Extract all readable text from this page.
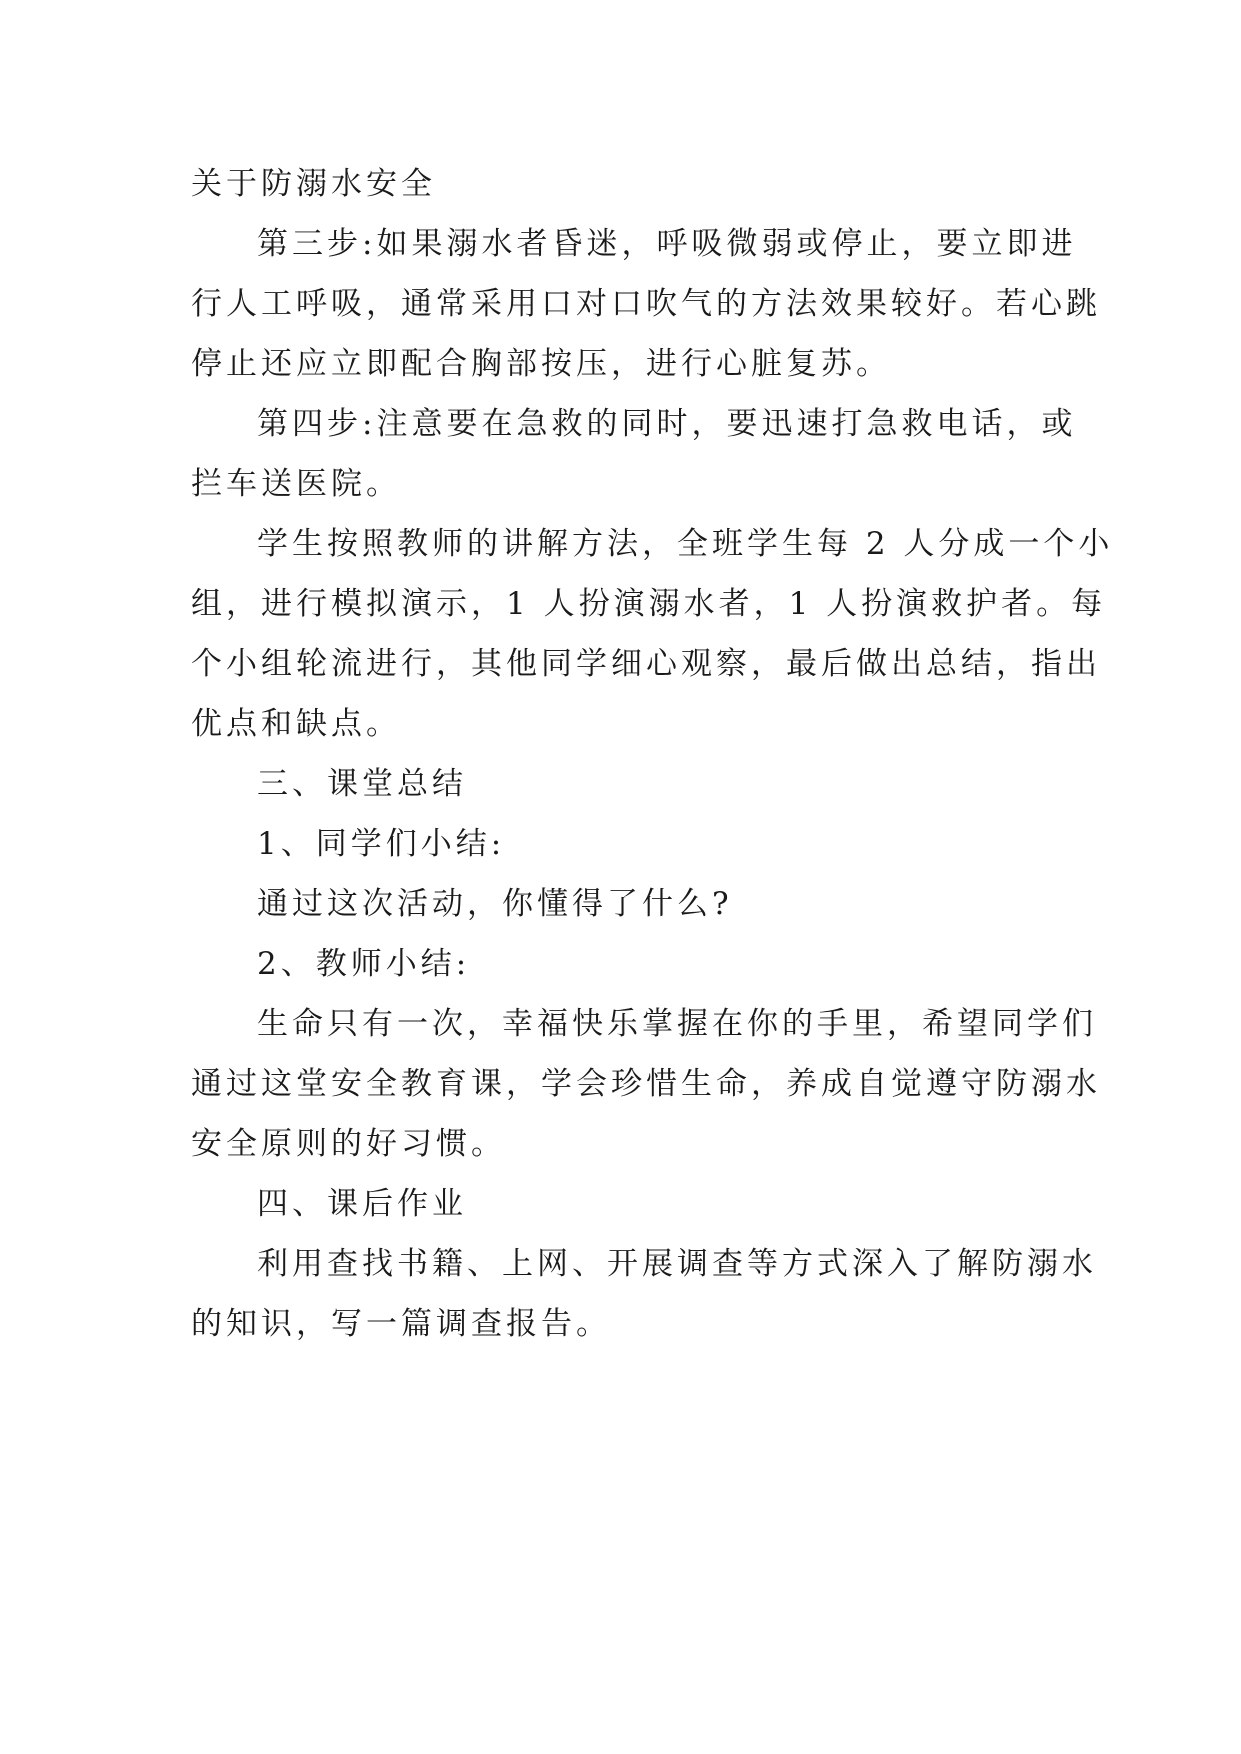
关于防溺水安全

第三步:如果溺水者昏迷，呼吸微弱或停止，要立即进

行人工呼吸，通常采用口对口吹气的方法效果较好。若心跳

停止还应立即配合胸部按压，进行心脏复苏。

第四步:注意要在急救的同时，要迅速打急救电话，或

拦车送医院。

学生按照教师的讲解方法，全班学生每 2 人分成一个小

组，进行模拟演示，1 人扮演溺水者，1 人扮演救护者。每

个小组轮流进行，其他同学细心观察，最后做出总结，指出

优点和缺点。

三、课堂总结

1、同学们小结:

通过这次活动，你懂得了什么?

2、教师小结:

生命只有一次，幸福快乐掌握在你的手里，希望同学们

通过这堂安全教育课，学会珍惜生命，养成自觉遵守防溺水

安全原则的好习惯。

四、课后作业

利用查找书籍、上网、开展调查等方式深入了解防溺水

的知识，写一篇调查报告。
